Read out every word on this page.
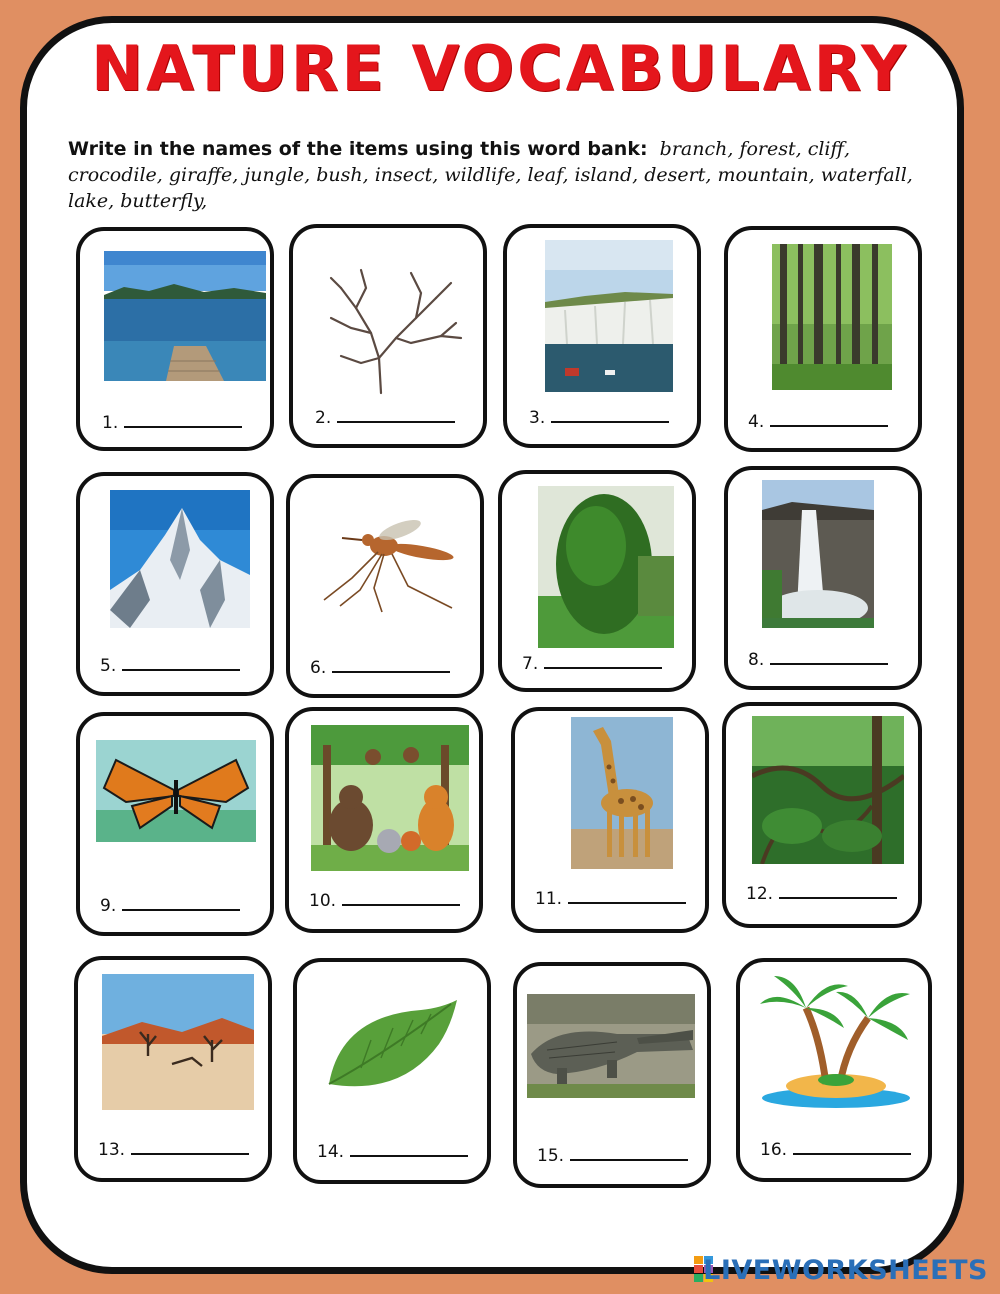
NATURE VOCABULARY
Write in the names of the items using this word bank: branch, forest, cliff, crocodile, giraffe, jungle, bush, insect, wildlife, leaf, island, desert, mountain, waterfall, lake, butterfly,
1.	2.	3.	4.
5.	6.	7.	8.
9.	10.	11.	12.
13.	14.	15.	16.
LIVEWORKSHEETS
